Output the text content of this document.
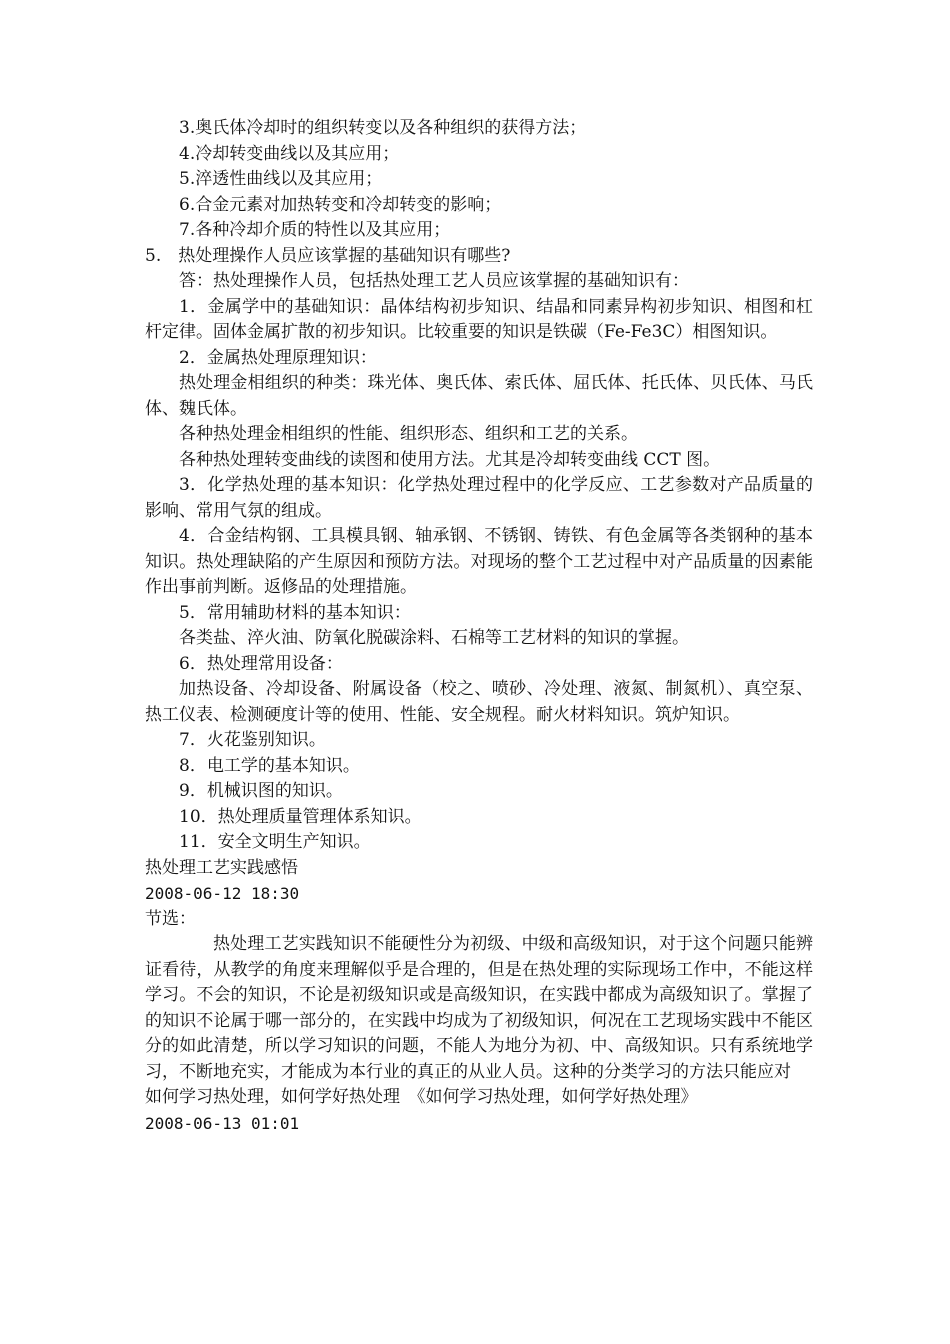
3.奥氏体冷却时的组织转变以及各种组织的获得方法；
4.冷却转变曲线以及其应用；
5.淬透性曲线以及其应用；
6.合金元素对加热转变和冷却转变的影响；
7.各种冷却介质的特性以及其应用；
5.　热处理操作人员应该掌握的基础知识有哪些?
答：热处理操作人员，包括热处理工艺人员应该掌握的基础知识有：
1．金属学中的基础知识：晶体结构初步知识、结晶和同素异构初步知识、相图和杠杆定律。固体金属扩散的初步知识。比较重要的知识是铁碳（Fe-Fe3C）相图知识。
2．金属热处理原理知识：
热处理金相组织的种类：珠光体、奥氏体、索氏体、屈氏体、托氏体、贝氏体、马氏体、魏氏体。
各种热处理金相组织的性能、组织形态、组织和工艺的关系。
各种热处理转变曲线的读图和使用方法。尤其是冷却转变曲线 CCT 图。
3．化学热处理的基本知识：化学热处理过程中的化学反应、工艺参数对产品质量的影响、常用气氛的组成。
4．合金结构钢、工具模具钢、轴承钢、不锈钢、铸铁、有色金属等各类钢种的基本知识。热处理缺陷的产生原因和预防方法。对现场的整个工艺过程中对产品质量的因素能作出事前判断。返修品的处理措施。
5．常用辅助材料的基本知识：
各类盐、淬火油、防氧化脱碳涂料、石棉等工艺材料的知识的掌握。
6．热处理常用设备：
加热设备、冷却设备、附属设备（校之、喷砂、冷处理、液氮、制氮机）、真空泵、热工仪表、检测硬度计等的使用、性能、安全规程。耐火材料知识。筑炉知识。
7．火花鉴别知识。
8．电工学的基本知识。
9．机械识图的知识。
10．热处理质量管理体系知识。
11．安全文明生产知识。
热处理工艺实践感悟
2008-06-12 18:30
节选：
热处理工艺实践知识不能硬性分为初级、中级和高级知识，对于这个问题只能辨证看待，从教学的角度来理解似乎是合理的，但是在热处理的实际现场工作中，不能这样学习。不会的知识，不论是初级知识或是高级知识，在实践中都成为高级知识了。掌握了的知识不论属于哪一部分的，在实践中均成为了初级知识，何况在工艺现场实践中不能区分的如此清楚，所以学习知识的问题，不能人为地分为初、中、高级知识。只有系统地学习，不断地充实，才能成为本行业的真正的从业人员。这种的分类学习的方法只能应对
如何学习热处理，如何学好热处理　《如何学习热处理，如何学好热处理》
2008-06-13 01:01
